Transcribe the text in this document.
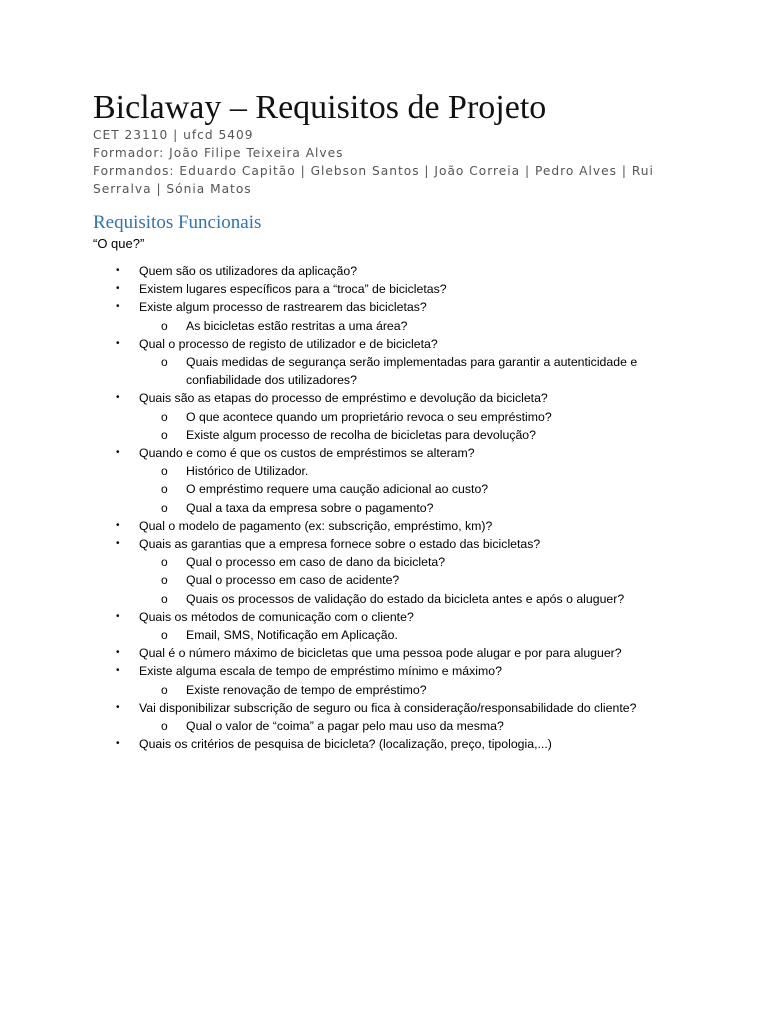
Biclaway – Requisitos de Projeto
CET 23110 | ufcd 5409
Formador: João Filipe Teixeira Alves
Formandos: Eduardo Capitão | Glebson Santos | João Correia | Pedro Alves | Rui
Serralva | Sónia Matos
Requisitos Funcionais
“O que?”
• Quem são os utilizadores da aplicação?
• Existem lugares específicos para a “troca” de bicicletas?
• Existe algum processo de rastrearem das bicicletas?
o As bicicletas estão restritas a uma área?
• Qual o processo de registo de utilizador e de bicicleta?
o Quais medidas de segurança serão implementadas para garantir a autenticidade e confiabilidade dos utilizadores?
• Quais são as etapas do processo de empréstimo e devolução da bicicleta?
o O que acontece quando um proprietário revoca o seu empréstimo?
o Existe algum processo de recolha de bicicletas para devolução?
• Quando e como é que os custos de empréstimos se alteram?
o Histórico de Utilizador.
o O empréstimo requere uma caução adicional ao custo?
o Qual a taxa da empresa sobre o pagamento?
• Qual o modelo de pagamento (ex: subscrição, empréstimo, km)?
• Quais as garantias que a empresa fornece sobre o estado das bicicletas?
o Qual o processo em caso de dano da bicicleta?
o Qual o processo em caso de acidente?
o Quais os processos de validação do estado da bicicleta antes e após o aluguer?
• Quais os métodos de comunicação com o cliente?
o Email, SMS, Notificação em Aplicação.
• Qual é o número máximo de bicicletas que uma pessoa pode alugar e por para aluguer?
• Existe alguma escala de tempo de empréstimo mínimo e máximo?
o Existe renovação de tempo de empréstimo?
• Vai disponibilizar subscrição de seguro ou fica à consideração/responsabilidade do cliente?
o Qual o valor de “coima” a pagar pelo mau uso da mesma?
• Quais os critérios de pesquisa de bicicleta? (localização, preço, tipologia,...)
